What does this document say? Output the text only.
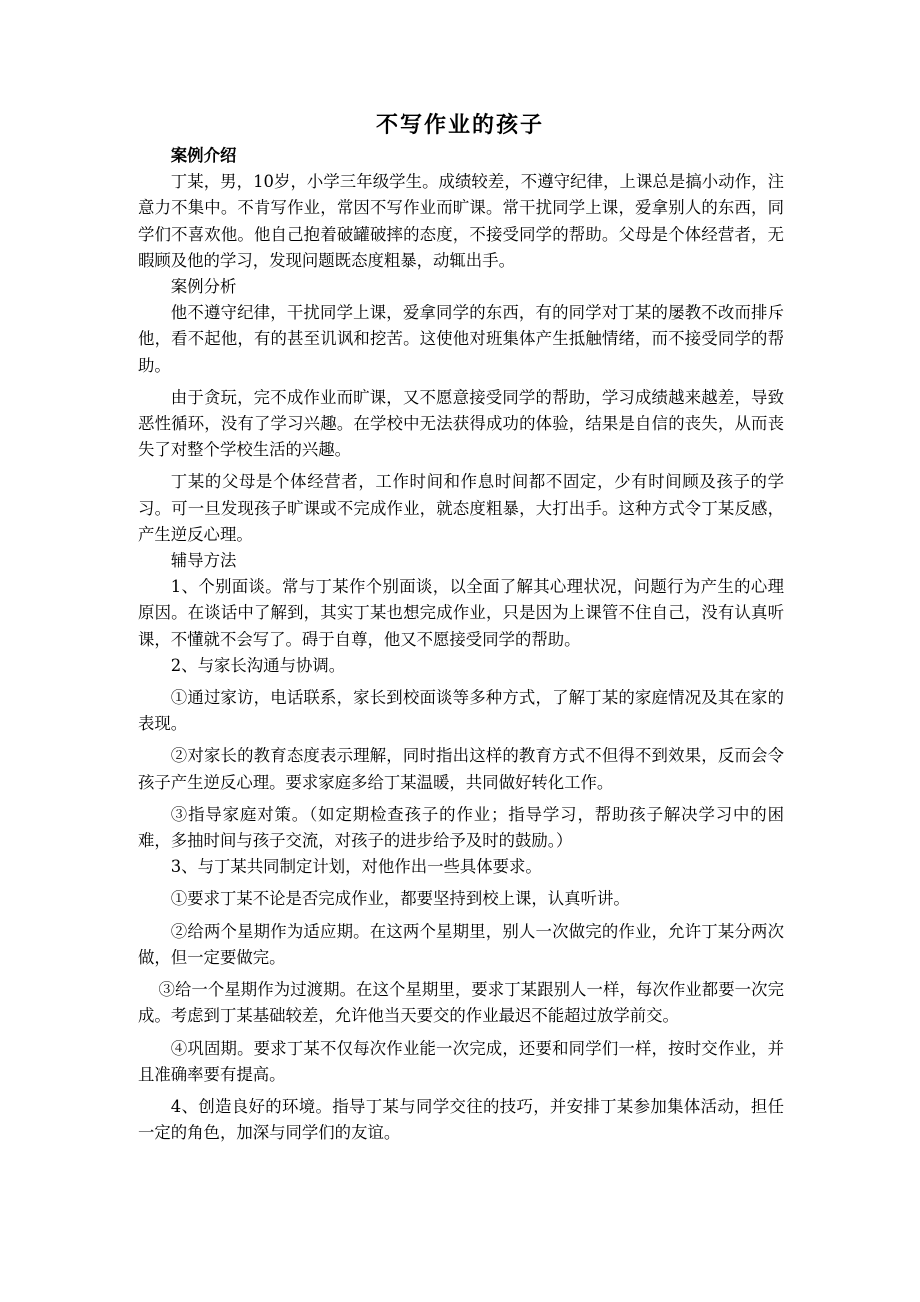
不写作业的孩子

案例介绍

丁某，男，10岁，小学三年级学生。成绩较差，不遵守纪律，上课总是搞小动作，注意力不集中。不肯写作业，常因不写作业而旷课。常干扰同学上课，爱拿别人的东西，同学们不喜欢他。他自己抱着破罐破摔的态度，不接受同学的帮助。父母是个体经营者，无暇顾及他的学习，发现问题既态度粗暴，动辄出手。

案例分析

他不遵守纪律，干扰同学上课，爱拿同学的东西，有的同学对丁某的屡教不改而排斥他，看不起他，有的甚至讥讽和挖苦。这使他对班集体产生抵触情绪，而不接受同学的帮助。

由于贪玩，完不成作业而旷课，又不愿意接受同学的帮助，学习成绩越来越差，导致恶性循环，没有了学习兴趣。在学校中无法获得成功的体验，结果是自信的丧失，从而丧失了对整个学校生活的兴趣。

丁某的父母是个体经营者，工作时间和作息时间都不固定，少有时间顾及孩子的学习。可一旦发现孩子旷课或不完成作业，就态度粗暴，大打出手。这种方式令丁某反感，产生逆反心理。

辅导方法

1、个别面谈。常与丁某作个别面谈，以全面了解其心理状况，问题行为产生的心理原因。在谈话中了解到，其实丁某也想完成作业，只是因为上课管不住自己，没有认真听课，不懂就不会写了。碍于自尊，他又不愿接受同学的帮助。

2、与家长沟通与协调。

①通过家访，电话联系，家长到校面谈等多种方式，了解丁某的家庭情况及其在家的表现。

②对家长的教育态度表示理解，同时指出这样的教育方式不但得不到效果，反而会令孩子产生逆反心理。要求家庭多给丁某温暖，共同做好转化工作。

③指导家庭对策。（如定期检查孩子的作业；指导学习，帮助孩子解决学习中的困难，多抽时间与孩子交流，对孩子的进步给予及时的鼓励。）

3、与丁某共同制定计划，对他作出一些具体要求。

①要求丁某不论是否完成作业，都要坚持到校上课，认真听讲。

②给两个星期作为适应期。在这两个星期里，别人一次做完的作业，允许丁某分两次做，但一定要做完。

③给一个星期作为过渡期。在这个星期里，要求丁某跟别人一样，每次作业都要一次完成。考虑到丁某基础较差，允许他当天要交的作业最迟不能超过放学前交。

④巩固期。要求丁某不仅每次作业能一次完成，还要和同学们一样，按时交作业，并且准确率要有提高。

4、创造良好的环境。指导丁某与同学交往的技巧，并安排丁某参加集体活动，担任一定的角色，加深与同学们的友谊。
